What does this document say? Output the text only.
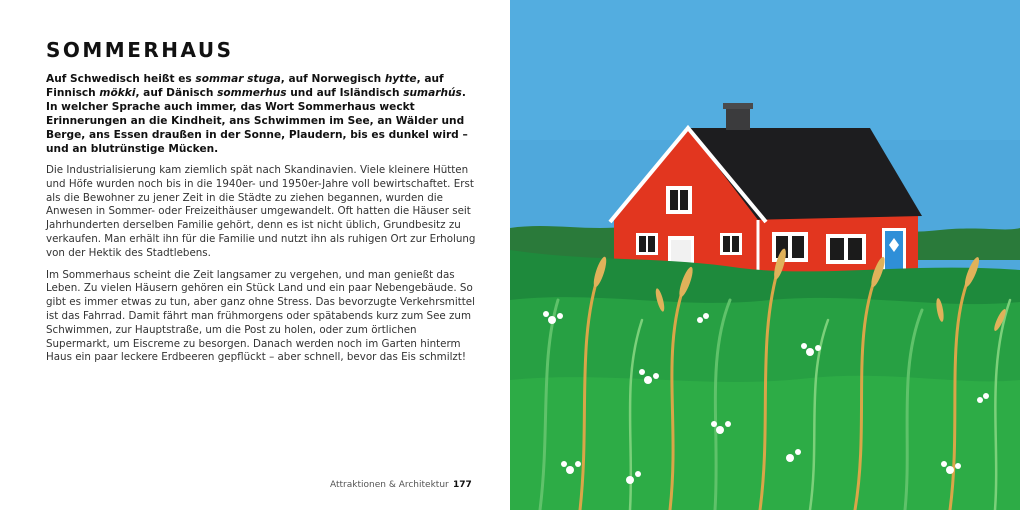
SOMMERHAUS

Auf Schwedisch heißt es sommar stuga, auf Norwegisch hytte, auf Finnisch mökki, auf Dänisch sommerhus und auf Isländisch sumarhús. In welcher Sprache auch immer, das Wort Sommerhaus weckt Erinnerungen an die Kindheit, ans Schwimmen im See, an Wälder und Berge, ans Essen draußen in der Sonne, Plaudern, bis es dunkel wird – und an blutrünstige Mücken.

Die Industrialisierung kam ziemlich spät nach Skandinavien. Viele kleinere Hütten und Höfe wurden noch bis in die 1940er- und 1950er-Jahre voll bewirtschaftet. Erst als die Bewohner zu jener Zeit in die Städte zu ziehen begannen, wurden die Anwesen in Sommer- oder Freizeithäuser umgewandelt. Oft hatten die Häuser seit Jahrhunderten derselben Familie gehört, denn es ist nicht üblich, Grundbesitz zu verkaufen. Man erhält ihn für die Familie und nutzt ihn als ruhigen Ort zur Erholung von der Hektik des Stadtlebens.

Im Sommerhaus scheint die Zeit langsamer zu vergehen, und man genießt das Leben. Zu vielen Häusern gehören ein Stück Land und ein paar Nebengebäude. So gibt es immer etwas zu tun, aber ganz ohne Stress. Das bevorzugte Verkehrsmittel ist das Fahrrad. Damit fährt man frühmorgens oder spätabends kurz zum See zum Schwimmen, zur Hauptstraße, um die Post zu holen, oder zum örtlichen Supermarkt, um Eiscreme zu besorgen. Danach werden noch im Garten hinterm Haus ein paar leckere Erdbeeren gepflückt – aber schnell, bevor das Eis schmilzt!

Attraktionen & Architektur 177
